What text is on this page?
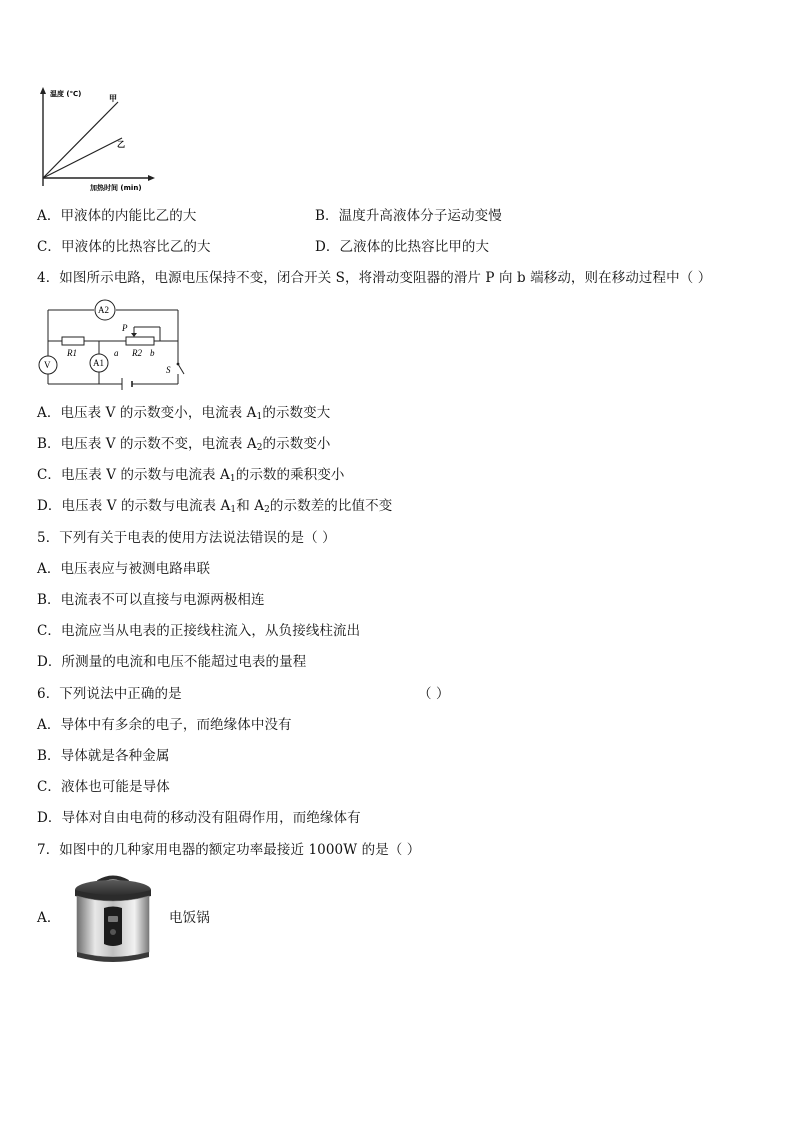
温度 (℃)
加热时间 (min)
甲
乙
A．甲液体的内能比乙的大	B．温度升高液体分子运动变慢
C．甲液体的比热容比乙的大	D．乙液体的比热容比甲的大
4．如图所示电路，电源电压保持不变，闭合开关 S，将滑动变阻器的滑片 P 向 b 端移动，则在移动过程中（ ）
A2
R1
P
R2
a	b
V	A1
S
A．电压表 V 的示数变小，电流表 $A_1$的示数变大
B．电压表 V 的示数不变，电流表 $A_2$的示数变小
C．电压表 V 的示数与电流表 $A_1$的示数的乘积变小
D．电压表 V 的示数与电流表 $A_1$和 $A_2$的示数差的比值不变
5．下列有关于电表的使用方法说法错误的是（ ）
A．电压表应与被测电路串联
B．电流表不可以直接与电源两极相连
C．电流应当从电表的正接线柱流入，从负接线柱流出
D．所测量的电流和电压不能超过电表的量程
6．下列说法中正确的是	（ ）
A．导体中有多余的电子，而绝缘体中没有
B．导体就是各种金属
C．液体也可能是导体
D．导体对自由电荷的移动没有阻碍作用，而绝缘体有
7．如图中的几种家用电器的额定功率最接近 1000W 的是（ ）
A．	电饭锅
